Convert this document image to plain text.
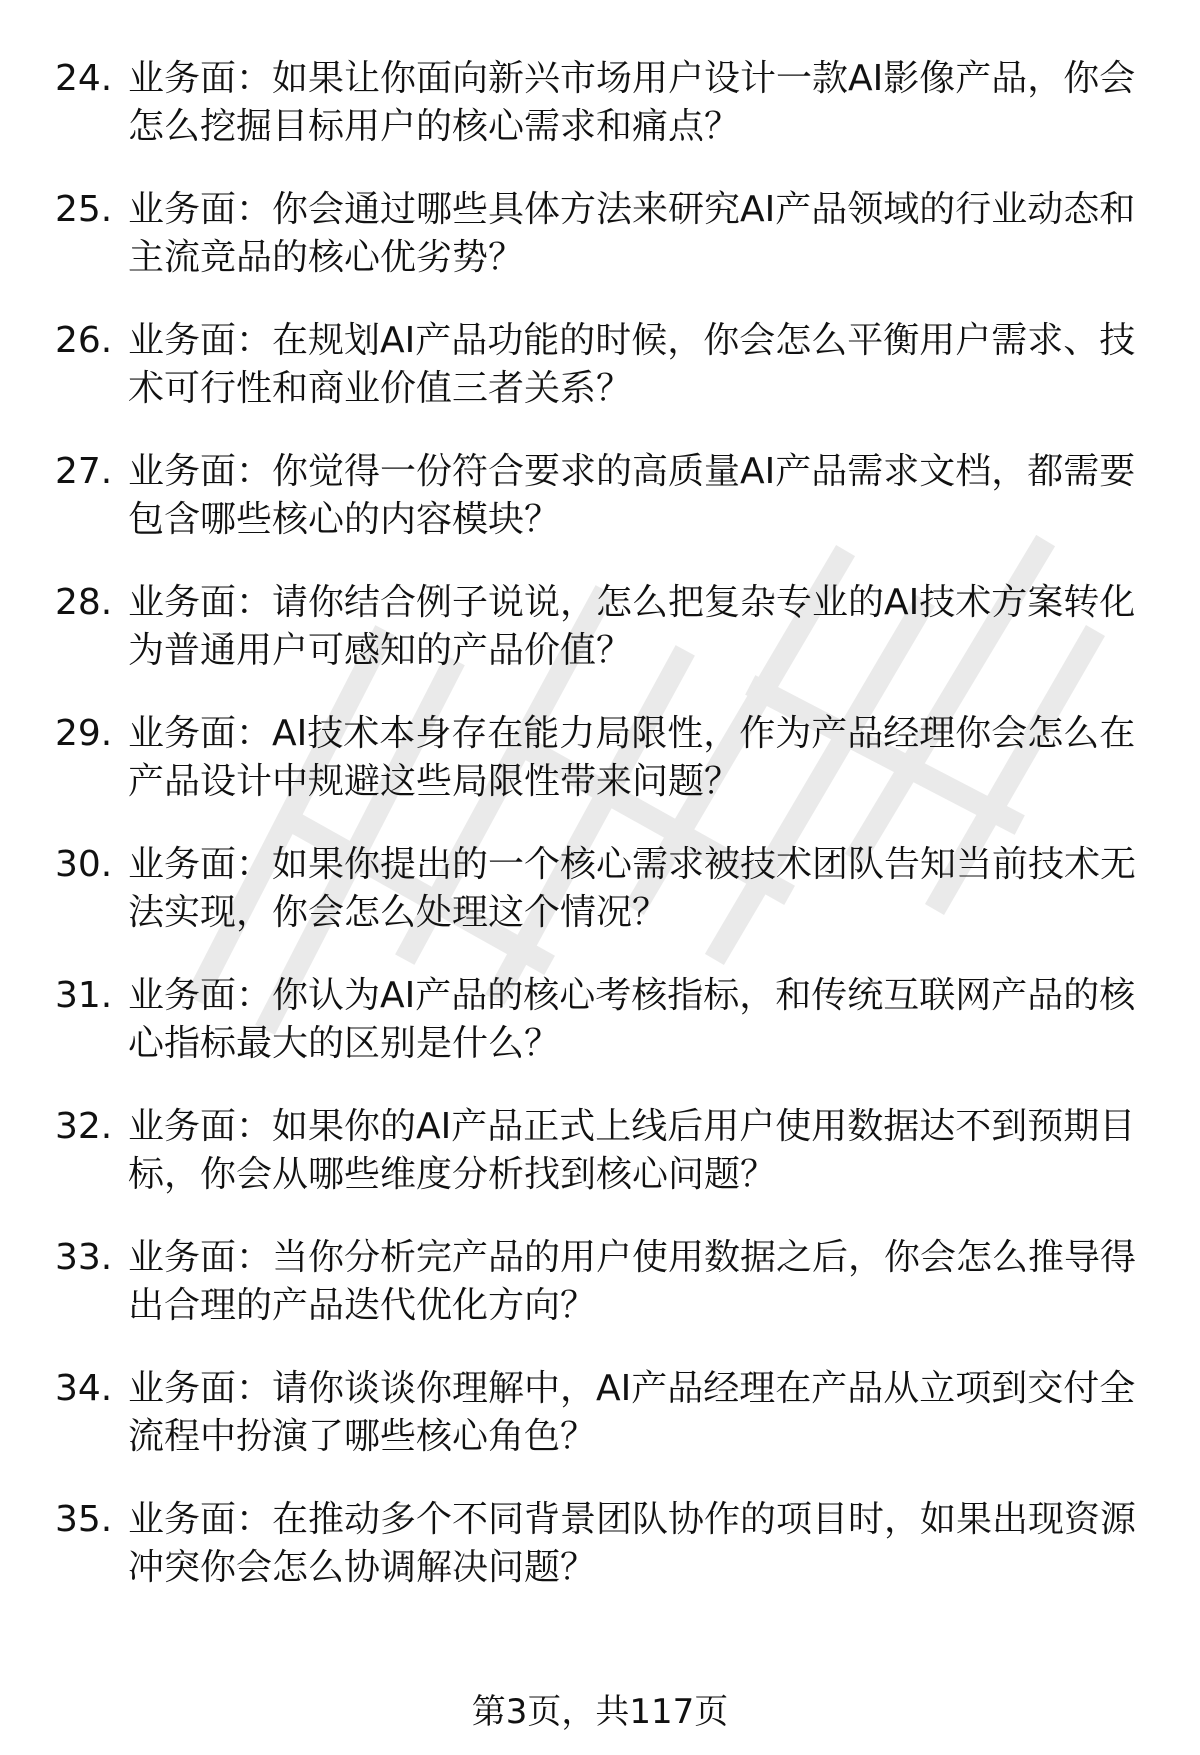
24. 业务面：如果让你面向新兴市场用户设计一款AI影像产品，你会怎么挖掘目标用户的核心需求和痛点？
25. 业务面：你会通过哪些具体方法来研究AI产品领域的行业动态和主流竞品的核心优劣势？
26. 业务面：在规划AI产品功能的时候，你会怎么平衡用户需求、技术可行性和商业价值三者关系？
27. 业务面：你觉得一份符合要求的高质量AI产品需求文档，都需要包含哪些核心的内容模块？
28. 业务面：请你结合例子说说，怎么把复杂专业的AI技术方案转化为普通用户可感知的产品价值？
29. 业务面：AI技术本身存在能力局限性，作为产品经理你会怎么在产品设计中规避这些局限性带来问题？
30. 业务面：如果你提出的一个核心需求被技术团队告知当前技术无法实现，你会怎么处理这个情况？
31. 业务面：你认为AI产品的核心考核指标，和传统互联网产品的核心指标最大的区别是什么？
32. 业务面：如果你的AI产品正式上线后用户使用数据达不到预期目标，你会从哪些维度分析找到核心问题？
33. 业务面：当你分析完产品的用户使用数据之后，你会怎么推导得出合理的产品迭代优化方向？
34. 业务面：请你谈谈你理解中，AI产品经理在产品从立项到交付全流程中扮演了哪些核心角色？
35. 业务面：在推动多个不同背景团队协作的项目时，如果出现资源冲突你会怎么协调解决问题？
第3页，共117页
